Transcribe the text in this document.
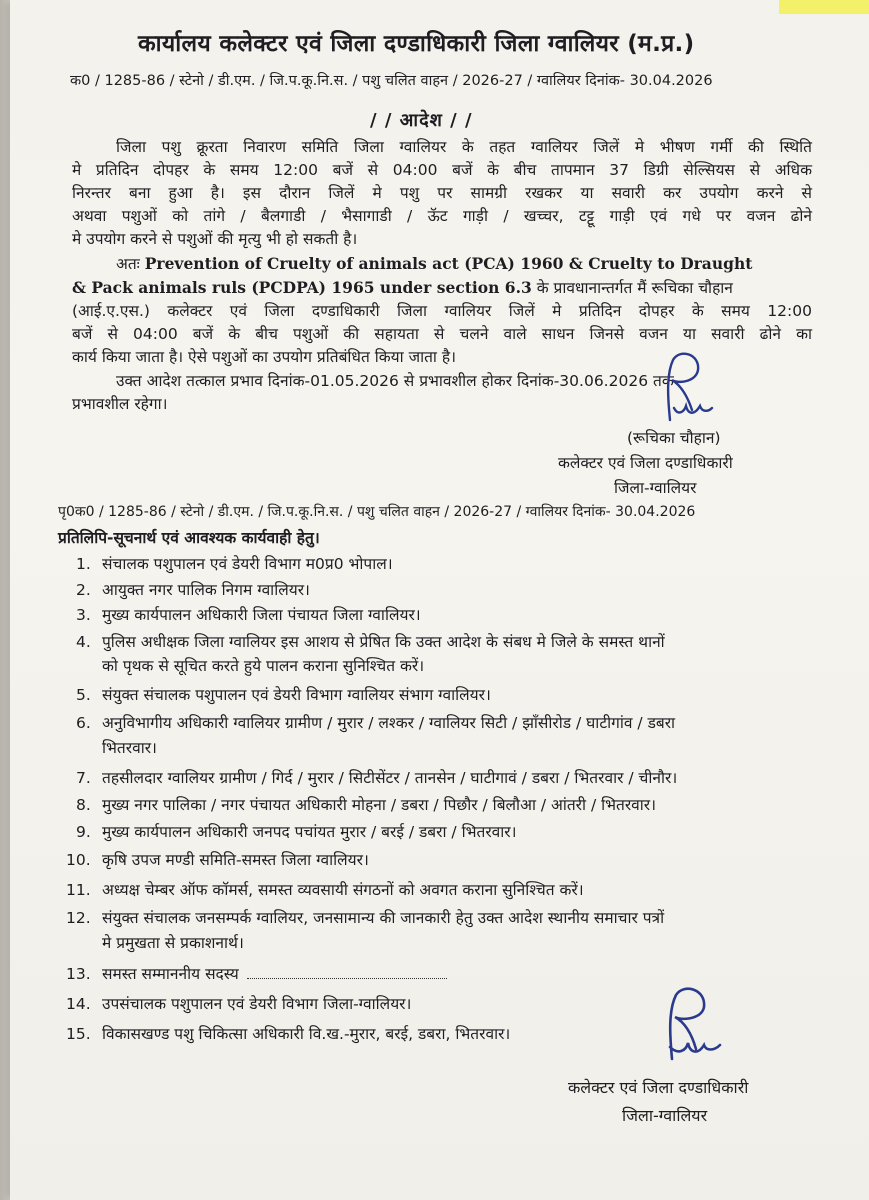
कार्यालय कलेक्टर एवं जिला दण्डाधिकारी जिला ग्वालियर (म.प्र.)
क0 / 1285-86 / स्टेनो / डी.एम. / जि.प.कू.नि.स. / पशु चलित वाहन / 2026-27 / ग्वालियर दिनांक- 30.04.2026
/ / आदेश / /

जिला पशु क्रूरता निवारण समिति जिला ग्वालियर के तहत ग्वालियर जिलें मे भीषण गर्मी की स्थिति

मे प्रतिदिन दोपहर के समय 12:00 बजें से 04:00 बजें के बीच तापमान 37 डिग्री सेल्सियस से अधिक

निरन्तर बना हुआ है। इस दौरान जिलें मे पशु पर सामग्री रखकर या सवारी कर उपयोग करने से

अथवा पशुओं को तांगे / बैलगाडी / भैसागाडी / ऊॅट गाड़ी / खच्चर, टट्टू गाड़ी एवं गधे पर वजन ढोने

मे उपयोग करने से पशुओं की मृत्यु भी हो सकती है।

अतः Prevention of Cruelty of animals act (PCA) 1960 & Cruelty to Draught

& Pack animals ruls (PCDPA) 1965 under section 6.3 के प्रावधानान्तर्गत मैं रूचिका चौहान

(आई.ए.एस.) कलेक्टर एवं जिला दण्डाधिकारी जिला ग्वालियर जिलें मे प्रतिदिन दोपहर के समय 12:00

बजें से 04:00 बजें के बीच पशुओं की सहायता से चलने वाले साधन जिनसे वजन या सवारी ढोने का

कार्य किया जाता है। ऐसे पशुओं का उपयोग प्रतिबंधित किया जाता है।

उक्त आदेश तत्काल प्रभाव दिनांक-01.05.2026 से प्रभावशील होकर दिनांक-30.06.2026 तक

प्रभावशील रहेगा।

(रूचिका चौहान)
कलेक्टर एवं जिला दण्डाधिकारी
जिला-ग्वालियर
पृ0क0 / 1285-86 / स्टेनो / डी.एम. / जि.प.कू.नि.स. / पशु चलित वाहन / 2026-27 / ग्वालियर दिनांक- 30.04.2026
प्रतिलिपि-सूचनार्थ एवं आवश्यक कार्यवाही हेतु।
1. संचालक पशुपालन एवं डेयरी विभाग म0प्र0 भोपाल।
2. आयुक्त नगर पालिक निगम ग्वालियर।
3. मुख्य कार्यपालन अधिकारी जिला पंचायत जिला ग्वालियर।
4. पुलिस अधीक्षक जिला ग्वालियर इस आशय से प्रेषित कि उक्त आदेश के संबध मे जिले के समस्त थानों
को पृथक से सूचित करते हुये पालन कराना सुनिश्चित करें।
5. संयुक्त संचालक पशुपालन एवं डेयरी विभाग ग्वालियर संभाग ग्वालियर।
6. अनुविभागीय अधिकारी ग्वालियर ग्रामीण / मुरार / लश्कर / ग्वालियर सिटी / झाँसीरोड / घाटीगांव / डबरा
भितरवार।
7. तहसीलदार ग्वालियर ग्रामीण / गिर्द / मुरार / सिटीसेंटर / तानसेन / घाटीगावं / डबरा / भितरवार / चीनौर।
8. मुख्य नगर पालिका / नगर पंचायत अधिकारी मोहना / डबरा / पिछौर / बिलौआ / आंतरी / भितरवार।
9. मुख्य कार्यपालन अधिकारी जनपद पचांयत मुरार / बरई / डबरा / भितरवार।
10. कृषि उपज मण्डी समिति-समस्त जिला ग्वालियर।
11. अध्यक्ष चेम्बर ऑफ कॉमर्स, समस्त व्यवसायी संगठनों को अवगत कराना सुनिश्चित करें।
12. संयुक्त संचालक जनसम्पर्क ग्वालियर, जनसामान्य की जानकारी हेतु उक्त आदेश स्थानीय समाचार पत्रों
मे प्रमुखता से प्रकाशनार्थ।
13. समस्त सम्माननीय सदस्य
14. उपसंचालक पशुपालन एवं डेयरी विभाग जिला-ग्वालियर।
15. विकासखण्ड पशु चिकित्सा अधिकारी वि.ख.-मुरार, बरई, डबरा, भितरवार।
कलेक्टर एवं जिला दण्डाधिकारी
जिला-ग्वालियर
